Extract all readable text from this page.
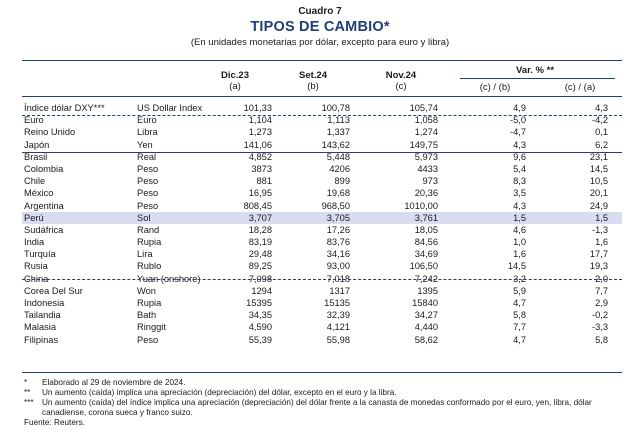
Cuadro 7
TIPOS DE CAMBIO*
(En unidades monetarias por dólar, excepto para euro y libra)
Dic.23
(a)
Set.24
(b)
Nov.24
(c)
Var. % **
(c) / (b)	(c) / (a)
Índice dólar DXY***	US Dollar Index	101,33	100,78	105,74	4,9	4,3
Euro	Euro	1,104	1,113	1,058	-5,0	-4,2
Reino Unido	Libra	1,273	1,337	1,274	-4,7	0,1
Japón	Yen	141,06	143,62	149,75	4,3	6,2
Brasil	Real	4,852	5,448	5,973	9,6	23,1
Colombia	Peso	3873	4206	4433	5,4	14,5
Chile	Peso	881	899	973	8,3	10,5
México	Peso	16,95	19,68	20,36	3,5	20,1
Argentina	Peso	808,45	968,50	1010,00	4,3	24,9
Perú	Sol	3,707	3,705	3,761	1,5	1,5
Sudáfrica	Rand	18,28	17,26	18,05	4,6	-1,3
India	Rupia	83,19	83,76	84,56	1,0	1,6
Turquía	Lira	29,48	34,16	34,69	1,6	17,7
Rusia	Rublo	89,25	93,00	106,50	14,5	19,3
China	Yuan (onshore)	7,098	7,018	7,242	3,2	2,0
Corea Del Sur	Won	1294	1317	1395	5,9	7,7
Indonesia	Rupia	15395	15135	15840	4,7	2,9
Tailandia	Bath	34,35	32,39	34,27	5,8	-0,2
Malasia	Ringgit	4,590	4,121	4,440	7,7	-3,3
Filipinas	Peso	55,39	55,98	58,62	4,7	5,8
* Elaborado al 29 de noviembre de 2024.
** Un aumento (caída) implica una apreciación (depreciación) del dólar, excepto en el euro y la libra.
*** Un aumento (caída) del índice implica una apreciación (depreciación) del dólar frente a la canasta de monedas conformado por el euro, yen, libra, dólar canadiense, corona sueca y franco suizo.
Fuente: Reuters.
